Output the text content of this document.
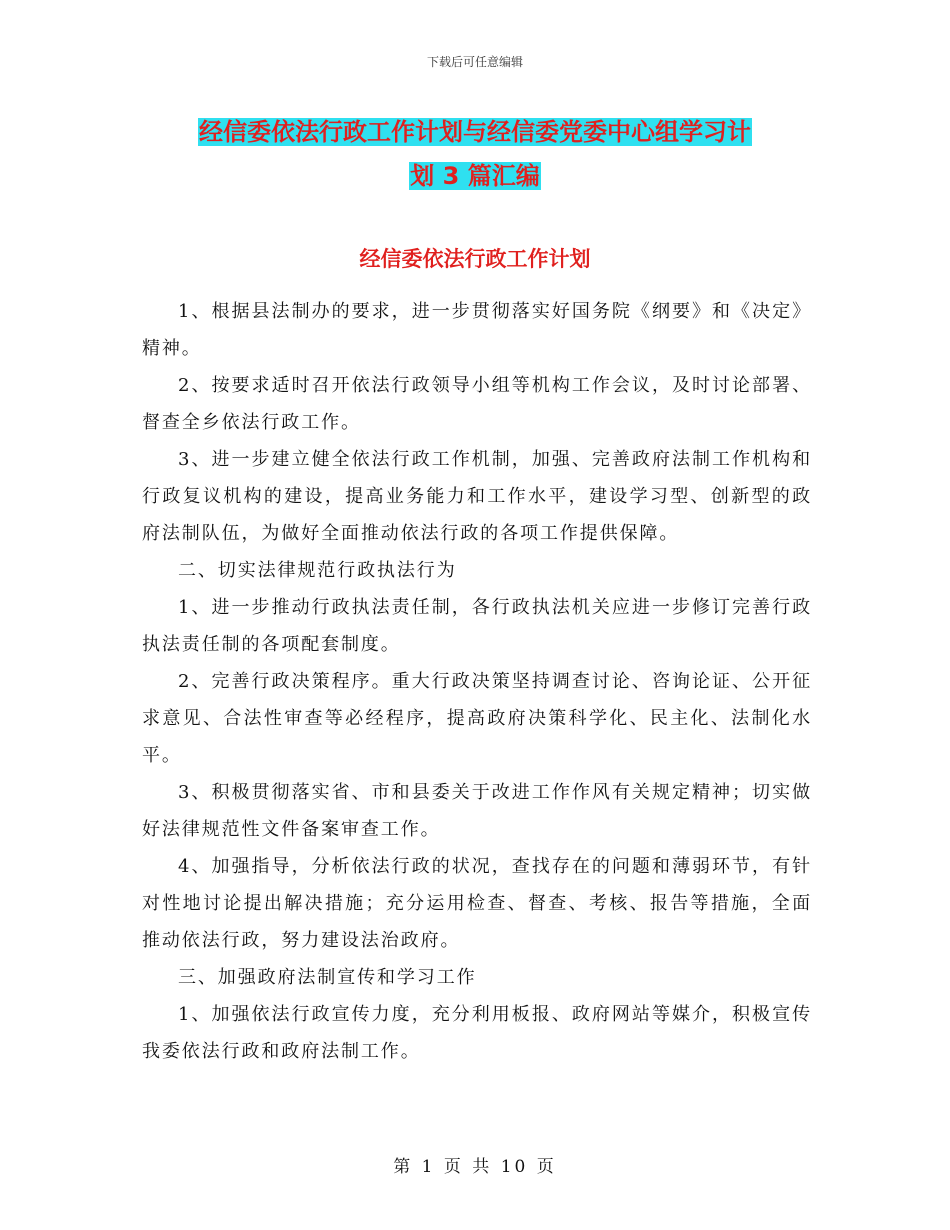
下载后可任意编辑
经信委依法行政工作计划与经信委党委中心组学习计
划 3 篇汇编
经信委依法行政工作计划

1、根据县法制办的要求，进一步贯彻落实好国务院《纲要》和《决定》精神。

2、按要求适时召开依法行政领导小组等机构工作会议，及时讨论部署、督查全乡依法行政工作。

3、进一步建立健全依法行政工作机制，加强、完善政府法制工作机构和行政复议机构的建设，提高业务能力和工作水平，建设学习型、创新型的政府法制队伍，为做好全面推动依法行政的各项工作提供保障。

二、切实法律规范行政执法行为

1、进一步推动行政执法责任制，各行政执法机关应进一步修订完善行政执法责任制的各项配套制度。

2、完善行政决策程序。重大行政决策坚持调查讨论、咨询论证、公开征求意见、合法性审查等必经程序，提高政府决策科学化、民主化、法制化水平。

3、积极贯彻落实省、市和县委关于改进工作作风有关规定精神；切实做好法律规范性文件备案审查工作。

4、加强指导，分析依法行政的状况，查找存在的问题和薄弱环节，有针对性地讨论提出解决措施；充分运用检查、督查、考核、报告等措施，全面推动依法行政，努力建设法治政府。

三、加强政府法制宣传和学习工作

1、加强依法行政宣传力度，充分利用板报、政府网站等媒介，积极宣传我委依法行政和政府法制工作。

第 1 页 共 10 页
